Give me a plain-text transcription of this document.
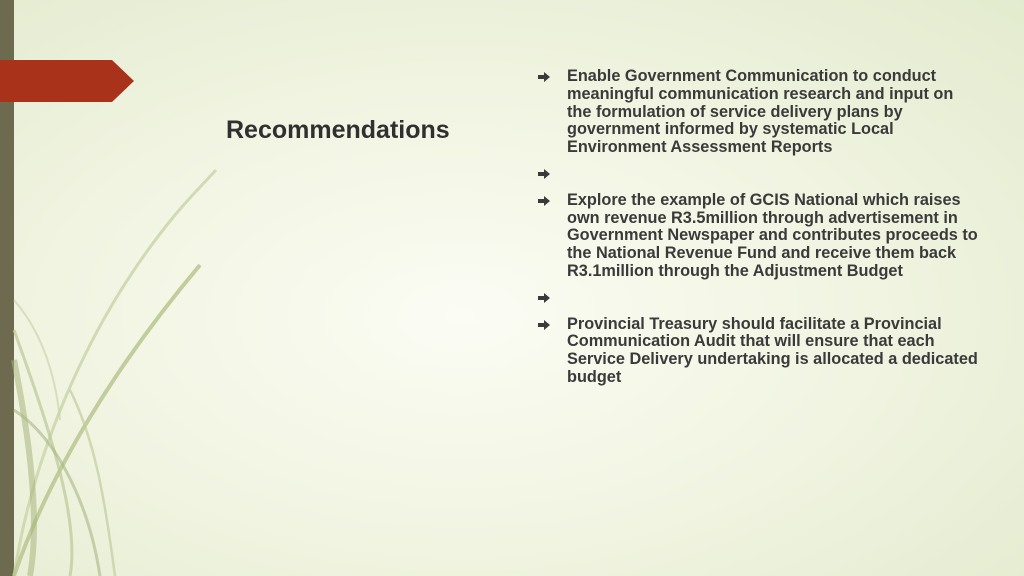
Recommendations
Enable Government Communication to conduct meaningful communication research and input on the formulation of service delivery plans by government informed by systematic Local Environment Assessment Reports
Explore the example of GCIS National which raises own revenue R3.5million through advertisement in Government Newspaper and contributes proceeds to the National Revenue Fund and receive them back R3.1million through the Adjustment Budget
Provincial Treasury should facilitate a Provincial Communication Audit that will ensure that each Service Delivery undertaking is allocated a dedicated budget
